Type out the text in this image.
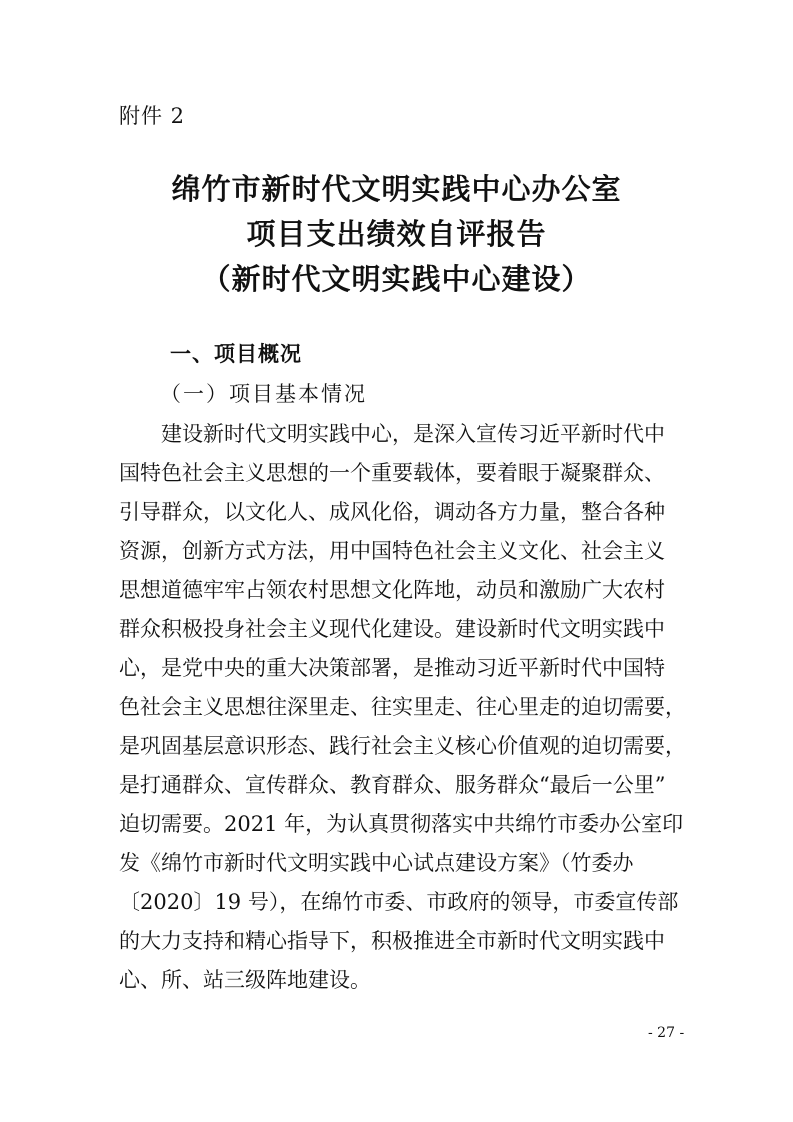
附件 2
绵竹市新时代文明实践中心办公室
项目支出绩效自评报告
（新时代文明实践中心建设）
一、项目概况
（一）项目基本情况
　　建设新时代文明实践中心，是深入宣传习近平新时代中
国特色社会主义思想的一个重要载体，要着眼于凝聚群众、
引导群众，以文化人、成风化俗，调动各方力量，整合各种
资源，创新方式方法，用中国特色社会主义文化、社会主义
思想道德牢牢占领农村思想文化阵地，动员和激励广大农村
群众积极投身社会主义现代化建设。建设新时代文明实践中
心，是党中央的重大决策部署，是推动习近平新时代中国特
色社会主义思想往深里走、往实里走、往心里走的迫切需要，
是巩固基层意识形态、践行社会主义核心价值观的迫切需要，
是打通群众、宣传群众、教育群众、服务群众“最后一公里”
迫切需要。2021 年，为认真贯彻落实中共绵竹市委办公室印
发《绵竹市新时代文明实践中心试点建设方案》（竹委办
〔2020〕19 号），在绵竹市委、市政府的领导，市委宣传部
的大力支持和精心指导下，积极推进全市新时代文明实践中
心、所、站三级阵地建设。
- 27 -
